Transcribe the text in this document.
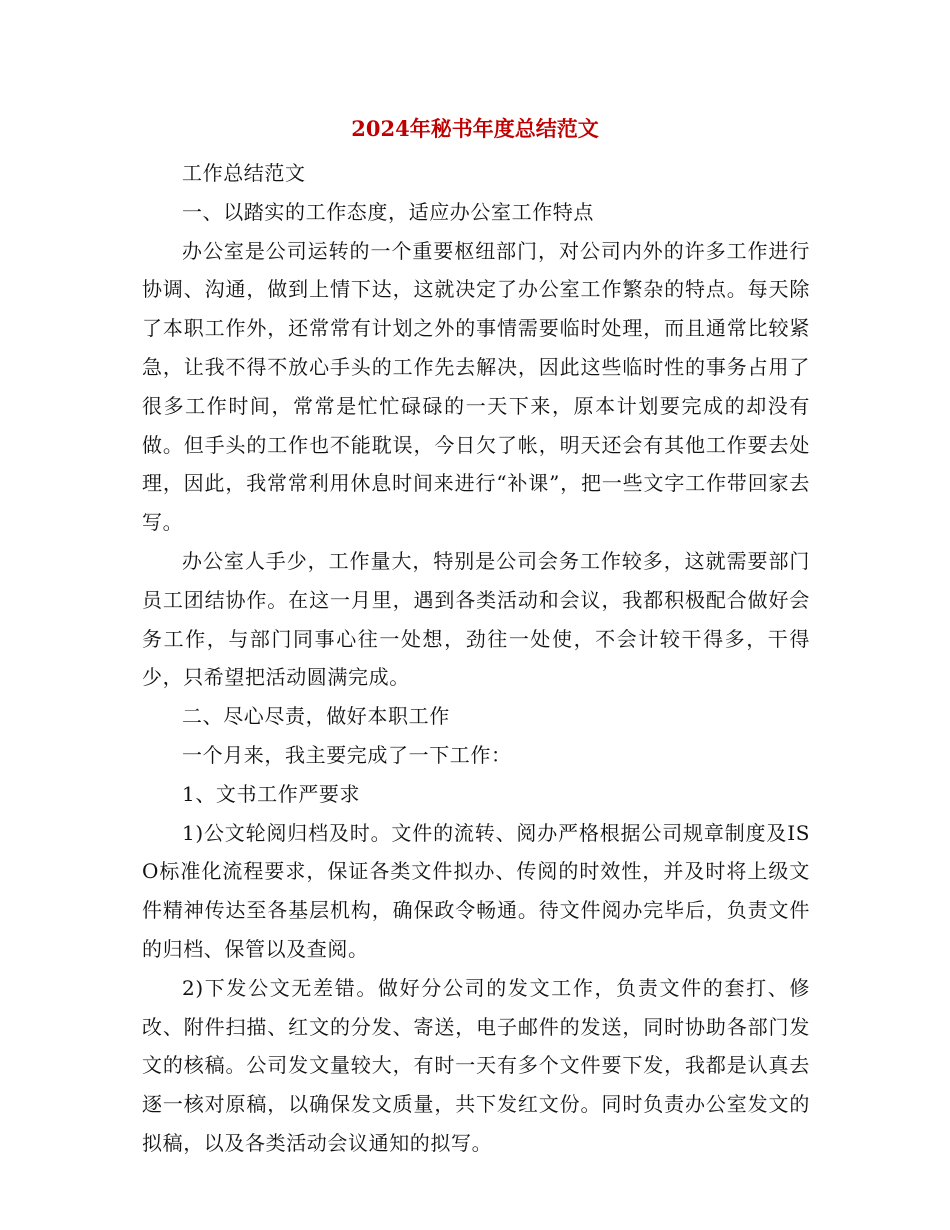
2024年秘书年度总结范文

工作总结范文

一、以踏实的工作态度，适应办公室工作特点

办公室是公司运转的一个重要枢纽部门，对公司内外的许多工作进行协调、沟通，做到上情下达，这就决定了办公室工作繁杂的特点。每天除了本职工作外，还常常有计划之外的事情需要临时处理，而且通常比较紧急，让我不得不放心手头的工作先去解决，因此这些临时性的事务占用了很多工作时间，常常是忙忙碌碌的一天下来，原本计划要完成的却没有做。但手头的工作也不能耽误，今日欠了帐，明天还会有其他工作要去处理，因此，我常常利用休息时间来进行“补课”，把一些文字工作带回家去写。

办公室人手少，工作量大，特别是公司会务工作较多，这就需要部门员工团结协作。在这一月里，遇到各类活动和会议，我都积极配合做好会务工作，与部门同事心往一处想，劲往一处使，不会计较干得多，干得少，只希望把活动圆满完成。

二、尽心尽责，做好本职工作

一个月来，我主要完成了一下工作：

1、文书工作严要求

1)公文轮阅归档及时。文件的流转、阅办严格根据公司规章制度及ISO标准化流程要求，保证各类文件拟办、传阅的时效性，并及时将上级文件精神传达至各基层机构，确保政令畅通。待文件阅办完毕后，负责文件的归档、保管以及查阅。

2)下发公文无差错。做好分公司的发文工作，负责文件的套打、修改、附件扫描、红文的分发、寄送，电子邮件的发送，同时协助各部门发文的核稿。公司发文量较大，有时一天有多个文件要下发，我都是认真去逐一核对原稿，以确保发文质量，共下发红文份。同时负责办公室发文的拟稿，以及各类活动会议通知的拟写。
